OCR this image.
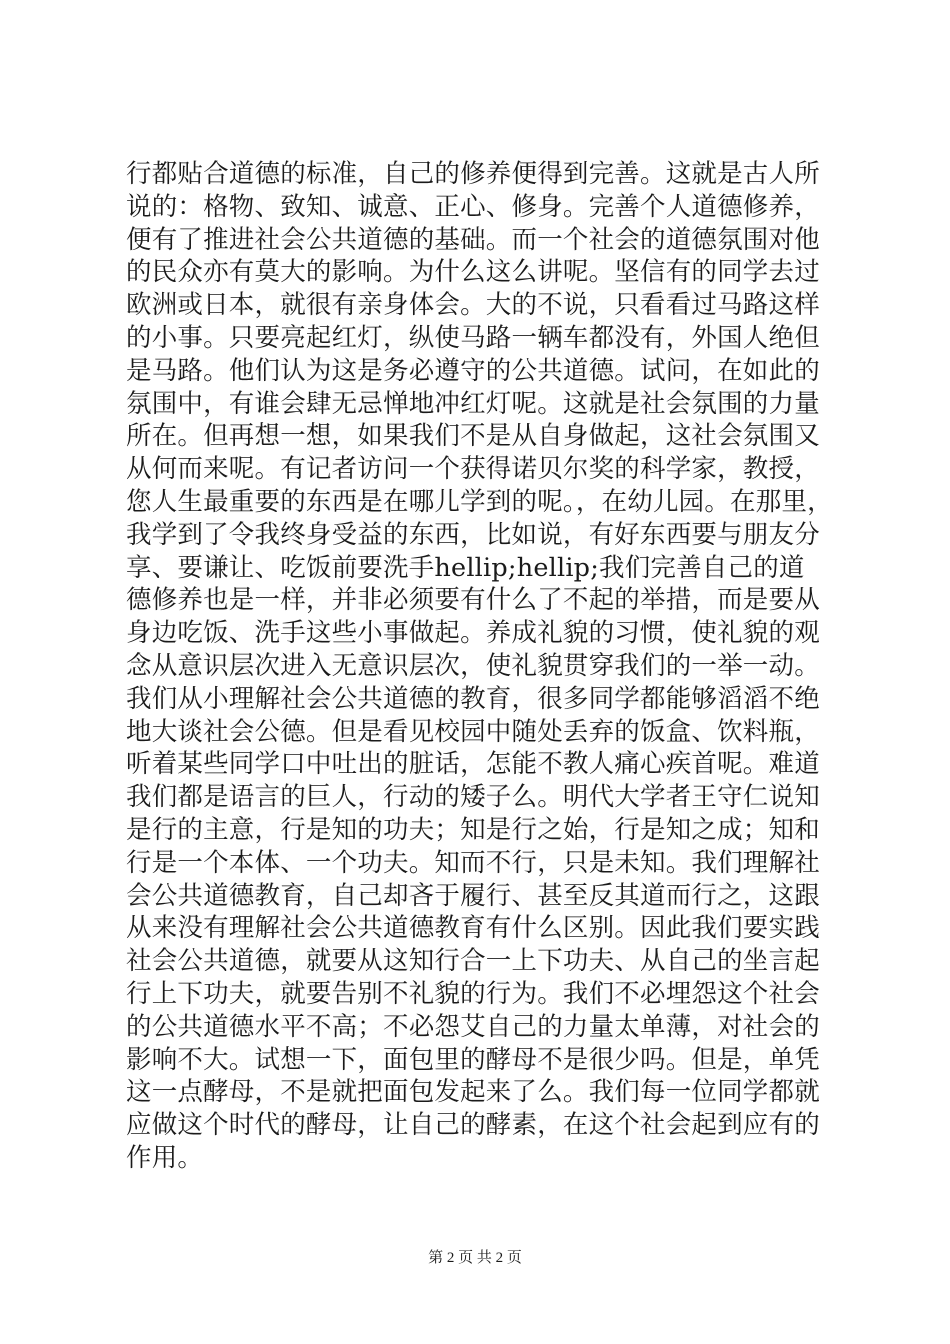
行都贴合道德的标准，自己的修养便得到完善。这就是古人所
说的：格物、致知、诚意、正心、修身。完善个人道德修养，
便有了推进社会公共道德的基础。而一个社会的道德氛围对他
的民众亦有莫大的影响。为什么这么讲呢。坚信有的同学去过
欧洲或日本，就很有亲身体会。大的不说，只看看过马路这样
的小事。只要亮起红灯，纵使马路一辆车都没有，外国人绝但
是马路。他们认为这是务必遵守的公共道德。试问，在如此的
氛围中，有谁会肆无忌惮地冲红灯呢。这就是社会氛围的力量
所在。但再想一想，如果我们不是从自身做起，这社会氛围又
从何而来呢。有记者访问一个获得诺贝尔奖的科学家，教授，
您人生最重要的东西是在哪儿学到的呢。，在幼儿园。在那里，
我学到了令我终身受益的东西，比如说，有好东西要与朋友分
享、要谦让、吃饭前要洗手hellip;hellip;我们完善自己的道
德修养也是一样，并非必须要有什么了不起的举措，而是要从
身边吃饭、洗手这些小事做起。养成礼貌的习惯，使礼貌的观
念从意识层次进入无意识层次，使礼貌贯穿我们的一举一动。
我们从小理解社会公共道德的教育，很多同学都能够滔滔不绝
地大谈社会公德。但是看见校园中随处丢弃的饭盒、饮料瓶，
听着某些同学口中吐出的脏话，怎能不教人痛心疾首呢。难道
我们都是语言的巨人，行动的矮子么。明代大学者王守仁说知
是行的主意，行是知的功夫；知是行之始，行是知之成；知和
行是一个本体、一个功夫。知而不行，只是未知。我们理解社
会公共道德教育，自己却吝于履行、甚至反其道而行之，这跟
从来没有理解社会公共道德教育有什么区别。因此我们要实践
社会公共道德，就要从这知行合一上下功夫、从自己的坐言起
行上下功夫，就要告别不礼貌的行为。我们不必埋怨这个社会
的公共道德水平不高；不必怨艾自己的力量太单薄，对社会的
影响不大。试想一下，面包里的酵母不是很少吗。但是，单凭
这一点酵母，不是就把面包发起来了么。我们每一位同学都就
应做这个时代的酵母，让自己的酵素，在这个社会起到应有的
作用。
第 2 页 共 2 页
